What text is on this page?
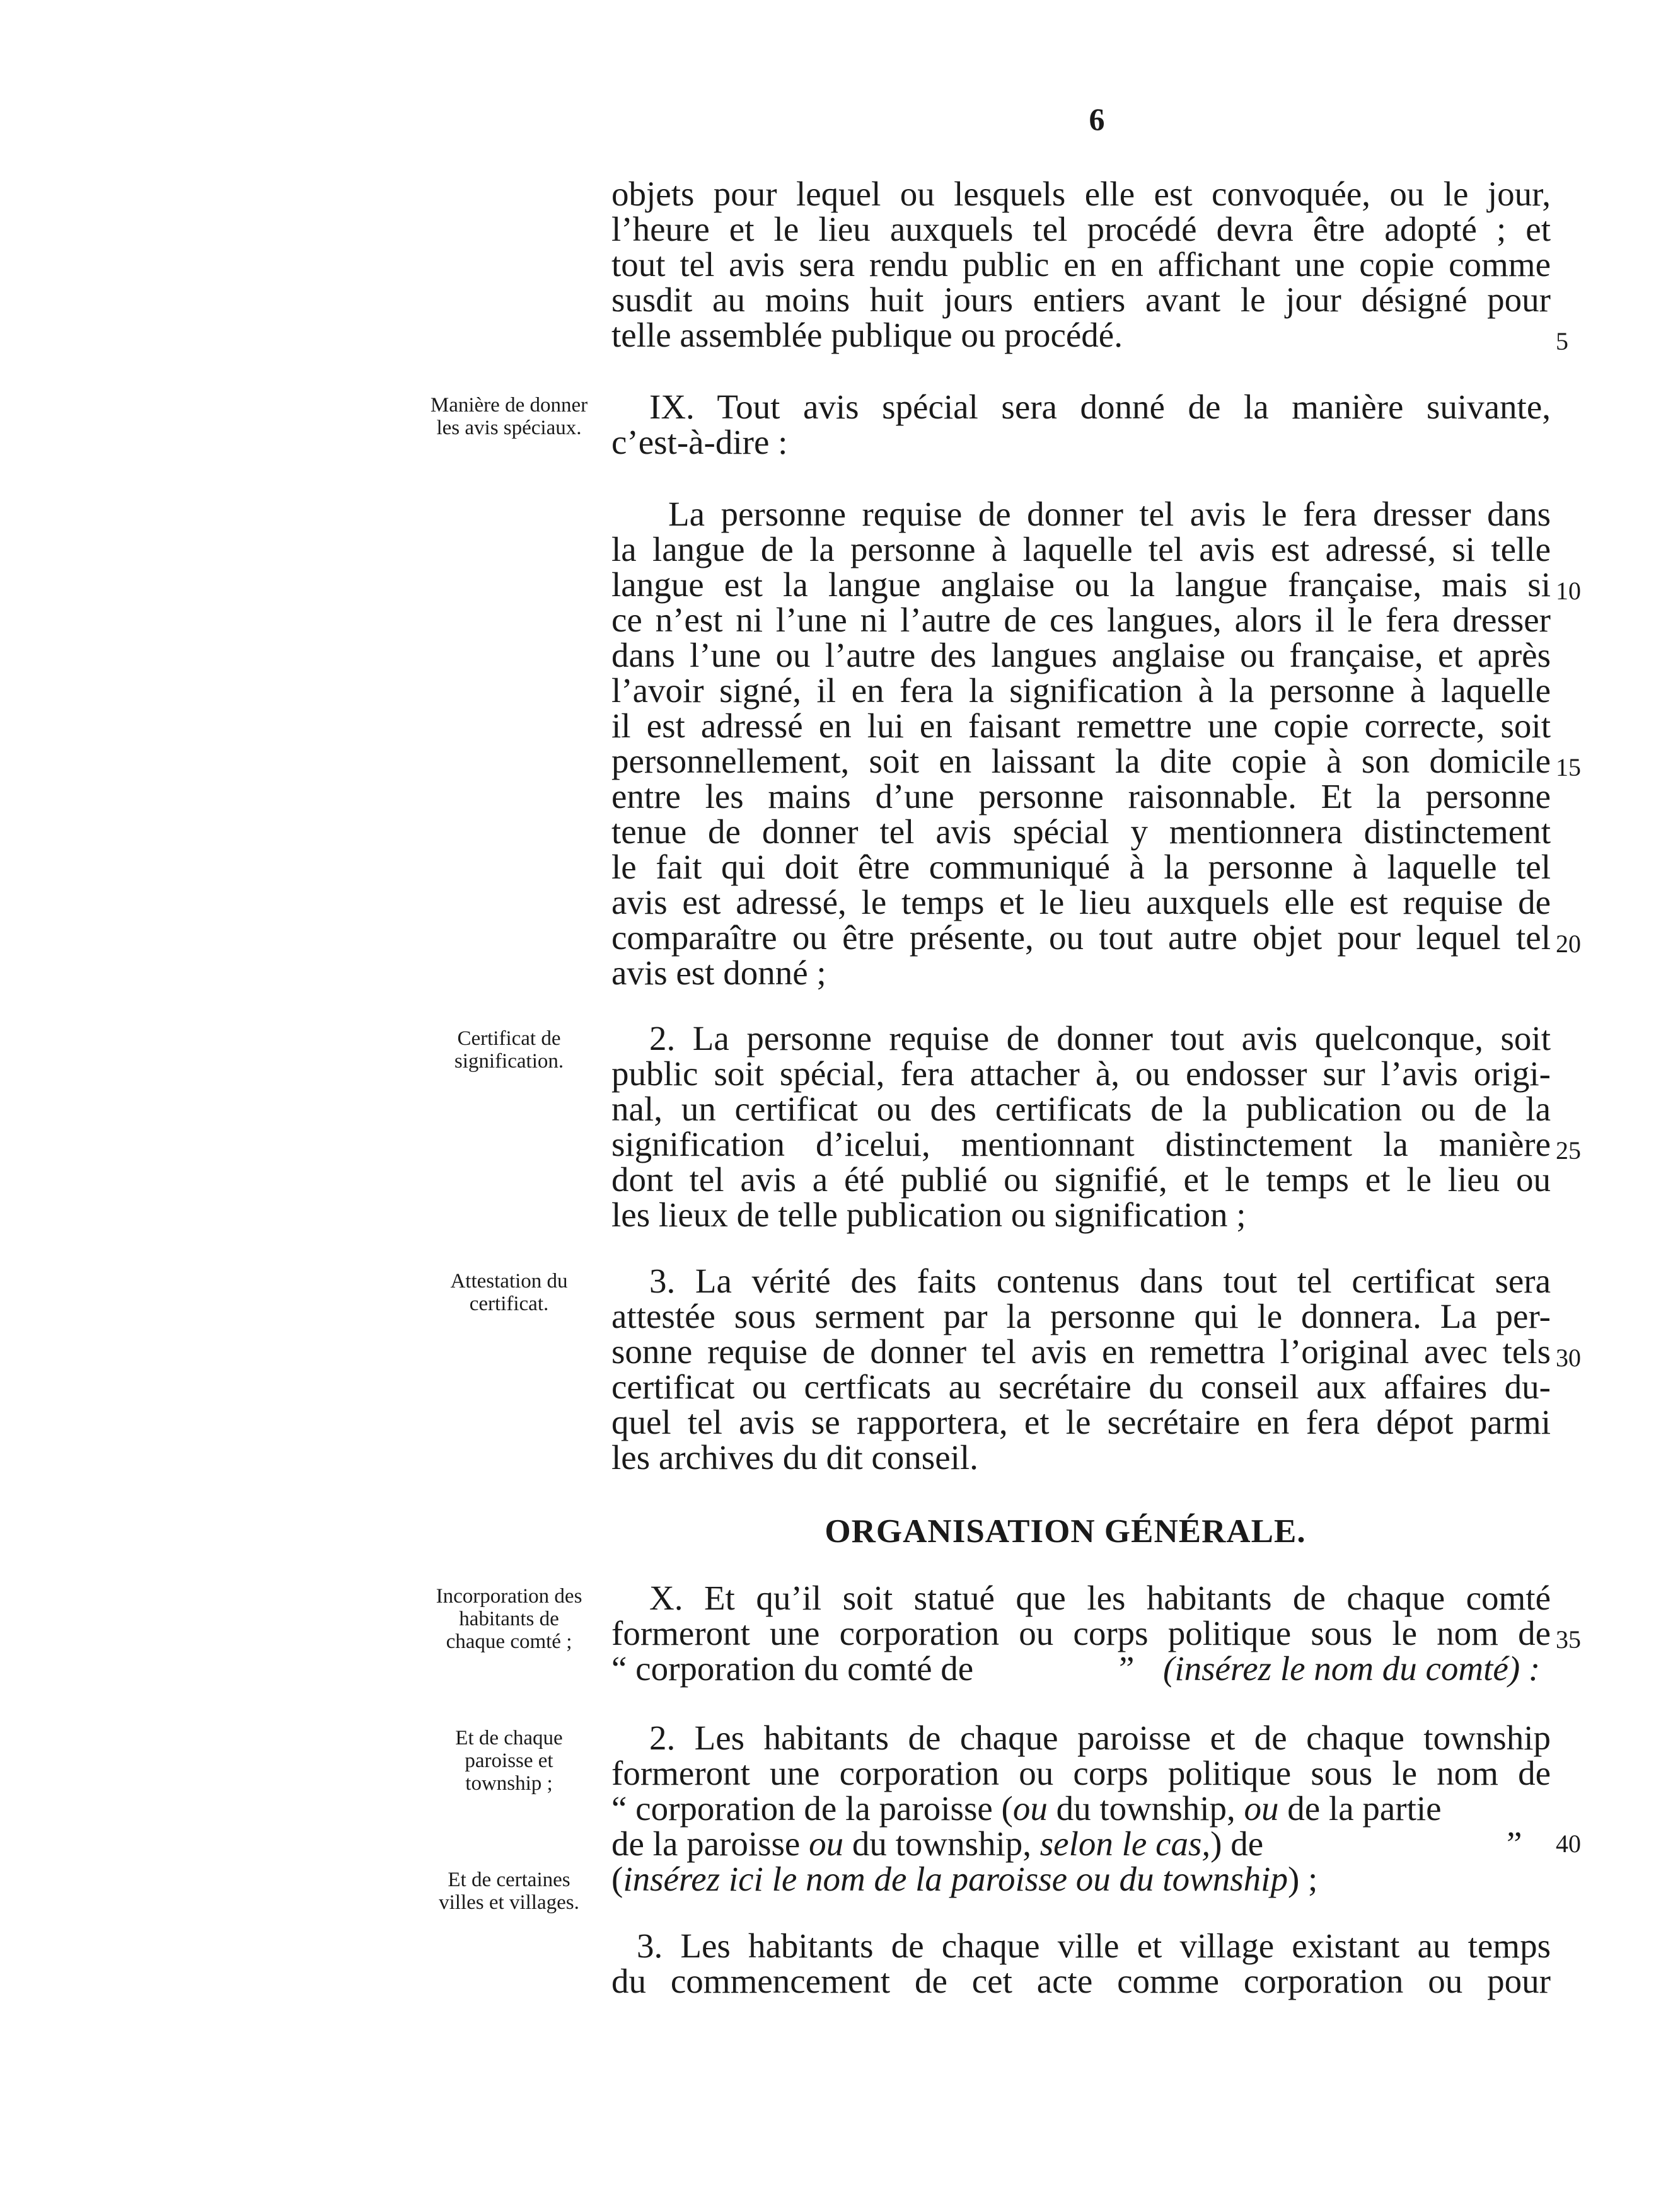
6
Manière de donner les avis spéciaux.
Certificat de signification.
Attestation du certificat.
Incorporation des habitants de chaque comté ;
Et de chaque paroisse et township ;
Et de certaines villes et villages.
objets pour lequel ou lesquels elle est convoquée, ou le jour,
l’heure et le lieu auxquels tel procédé devra être adopté ; et
tout tel avis sera rendu public en en affichant une copie comme
susdit au moins huit jours entiers avant le jour désigné pour
telle assemblée publique ou procédé.
IX. Tout avis spécial sera donné de la manière suivante,
c’est-à-dire :
La personne requise de donner tel avis le fera dresser dans
la langue de la personne à laquelle tel avis est adressé, si telle
langue est la langue anglaise ou la langue française, mais si
ce n’est ni l’une ni l’autre de ces langues, alors il le fera dresser
dans l’une ou l’autre des langues anglaise ou française, et après
l’avoir signé, il en fera la signification à la personne à laquelle
il est adressé en lui en faisant remettre une copie correcte, soit
personnellement, soit en laissant la dite copie à son domicile
entre les mains d’une personne raisonnable. Et la personne
tenue de donner tel avis spécial y mentionnera distinctement
le fait qui doit être communiqué à la personne à laquelle tel
avis est adressé, le temps et le lieu auxquels elle est requise de
comparaître ou être présente, ou tout autre objet pour lequel tel
avis est donné ;
2. La personne requise de donner tout avis quelconque, soit
public soit spécial, fera attacher à, ou endosser sur l’avis origi-
nal, un certificat ou des certificats de la publication ou de la
signification d’icelui, mentionnant distinctement la manière
dont tel avis a été publié ou signifié, et le temps et le lieu ou
les lieux de telle publication ou signification ;
3. La vérité des faits contenus dans tout tel certificat sera
attestée sous serment par la personne qui le donnera. La per-
sonne requise de donner tel avis en remettra l’original avec tels
certificat ou certficats au secrétaire du conseil aux affaires du-
quel tel avis se rapportera, et le secrétaire en fera dépot parmi
les archives du dit conseil.
ORGANISATION GÉNÉRALE.
X. Et qu’il soit statué que les habitants de chaque comté
formeront une corporation ou corps politique sous le nom de
“ corporation du comté de	” (insérez le nom du comté) :
2. Les habitants de chaque paroisse et de chaque township
formeront une corporation ou corps politique sous le nom de
“ corporation de la paroisse (ou du township, ou de la partie
de la paroisse ou du township, selon le cas,) de	”
(insérez ici le nom de la paroisse ou du township) ;
3. Les habitants de chaque ville et village existant au temps
du commencement de cet acte comme corporation ou pour
5
10
15
20
25
30
35
40
